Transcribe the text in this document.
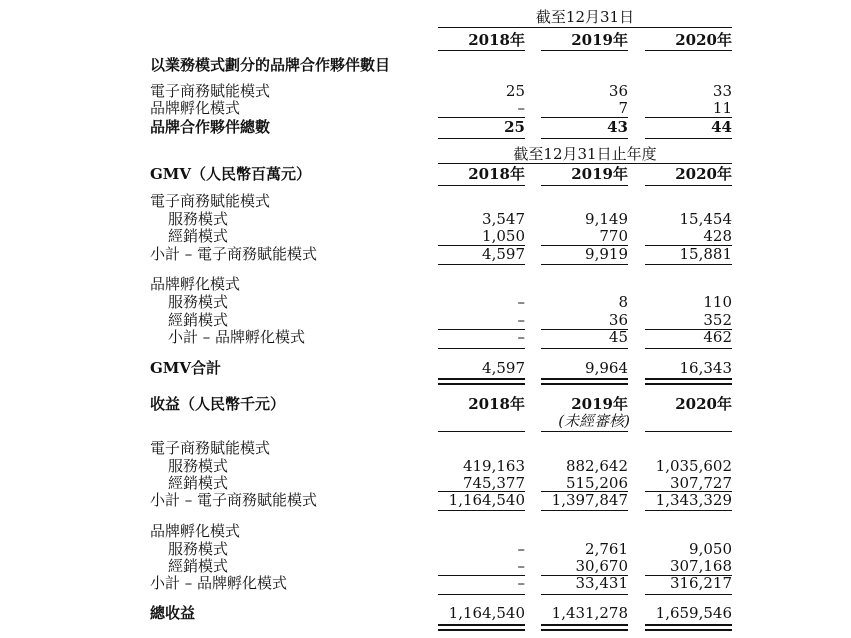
截至12月31日
2018年	2019年	2020年
以業務模式劃分的品牌合作夥伴數目
電子商務賦能模式	25	36	33
品牌孵化模式	–	7	11
品牌合作夥伴總數	25	43	44
截至12月31日止年度
GMV（人民幣百萬元）	2018年	2019年	2020年
電子商務賦能模式
服務模式	3,547	9,149	15,454
經銷模式	1,050	770	428
小計 – 電子商務賦能模式	4,597	9,919	15,881
品牌孵化模式
服務模式	–	8	110
經銷模式	–	36	352
小計 – 品牌孵化模式	–	45	462
GMV合計	4,597	9,964	16,343
收益（人民幣千元）	2018年	2019年	2020年
(未經審核)
電子商務賦能模式
服務模式	419,163	882,642	1,035,602
經銷模式	745,377	515,206	307,727
小計 – 電子商務賦能模式	1,164,540	1,397,847	1,343,329
品牌孵化模式
服務模式	–	2,761	9,050
經銷模式	–	30,670	307,168
小計 – 品牌孵化模式	–	33,431	316,217
總收益	1,164,540	1,431,278	1,659,546
